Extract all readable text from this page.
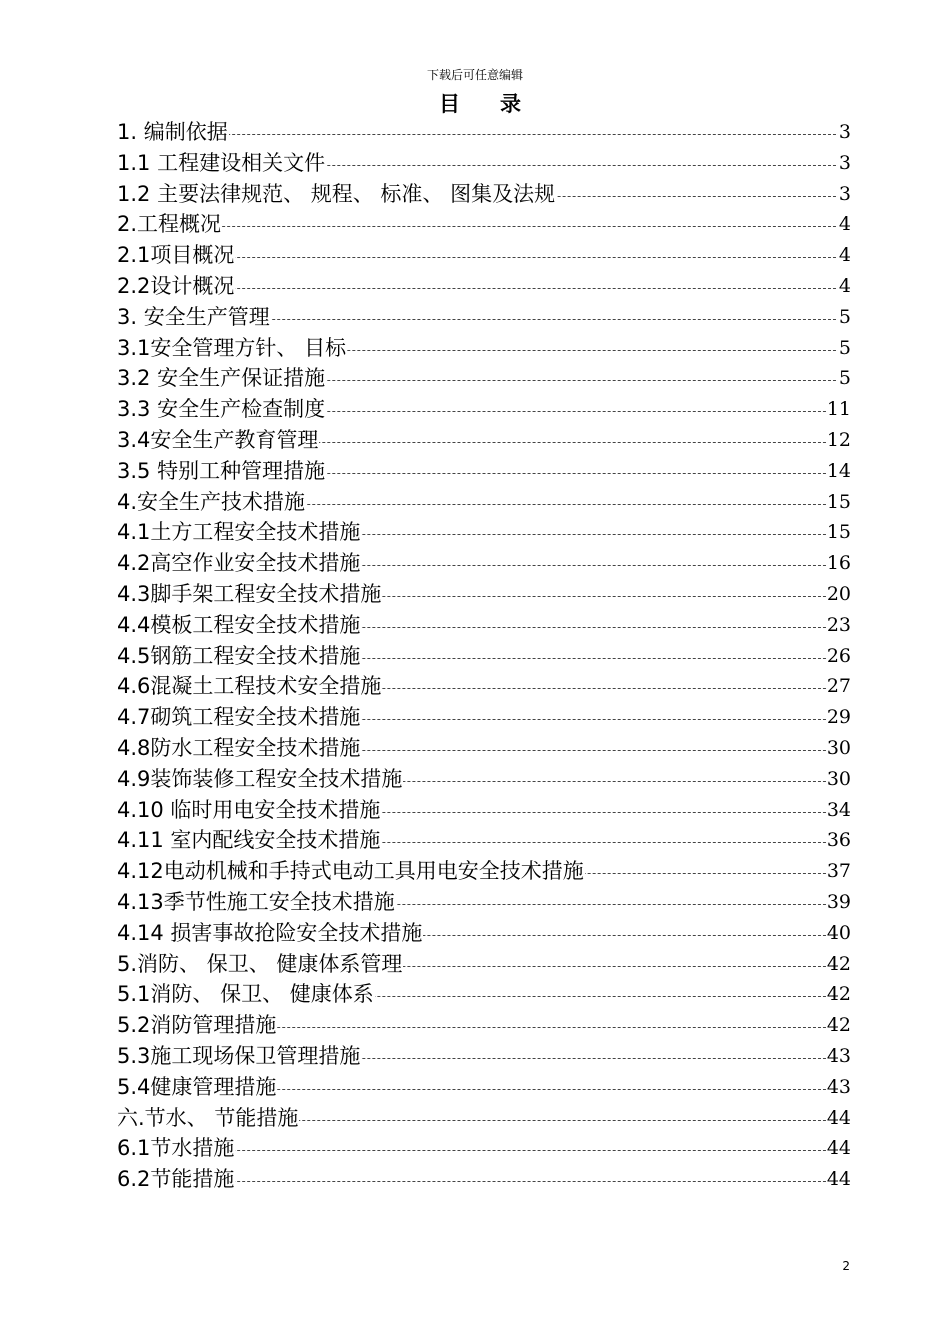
下载后可任意编辑
目录
1. 编制依据	3
1.1 工程建设相关文件	3
1.2 主要法律规范、 规程、 标准、 图集及法规	3
2.工程概况	4
2.1项目概况	4
2.2设计概况	4
3. 安全生产管理	5
3.1安全管理方针、 目标	5
3.2 安全生产保证措施	5
3.3 安全生产检查制度	11
3.4安全生产教育管理	12
3.5 特别工种管理措施	14
4.安全生产技术措施	15
4.1土方工程安全技术措施	15
4.2高空作业安全技术措施	16
4.3脚手架工程安全技术措施	20
4.4模板工程安全技术措施	23
4.5钢筋工程安全技术措施	26
4.6混凝土工程技术安全措施	27
4.7砌筑工程安全技术措施	29
4.8防水工程安全技术措施	30
4.9装饰装修工程安全技术措施	30
4.10 临时用电安全技术措施	34
4.11 室内配线安全技术措施	36
4.12电动机械和手持式电动工具用电安全技术措施	37
4.13季节性施工安全技术措施	39
4.14 损害事故抢险安全技术措施	40
5.消防、 保卫、 健康体系管理	42
5.1消防、 保卫、 健康体系	42
5.2消防管理措施	42
5.3施工现场保卫管理措施	43
5.4健康管理措施	43
六.节水、 节能措施	44
6.1节水措施	44
6.2节能措施	44
2
